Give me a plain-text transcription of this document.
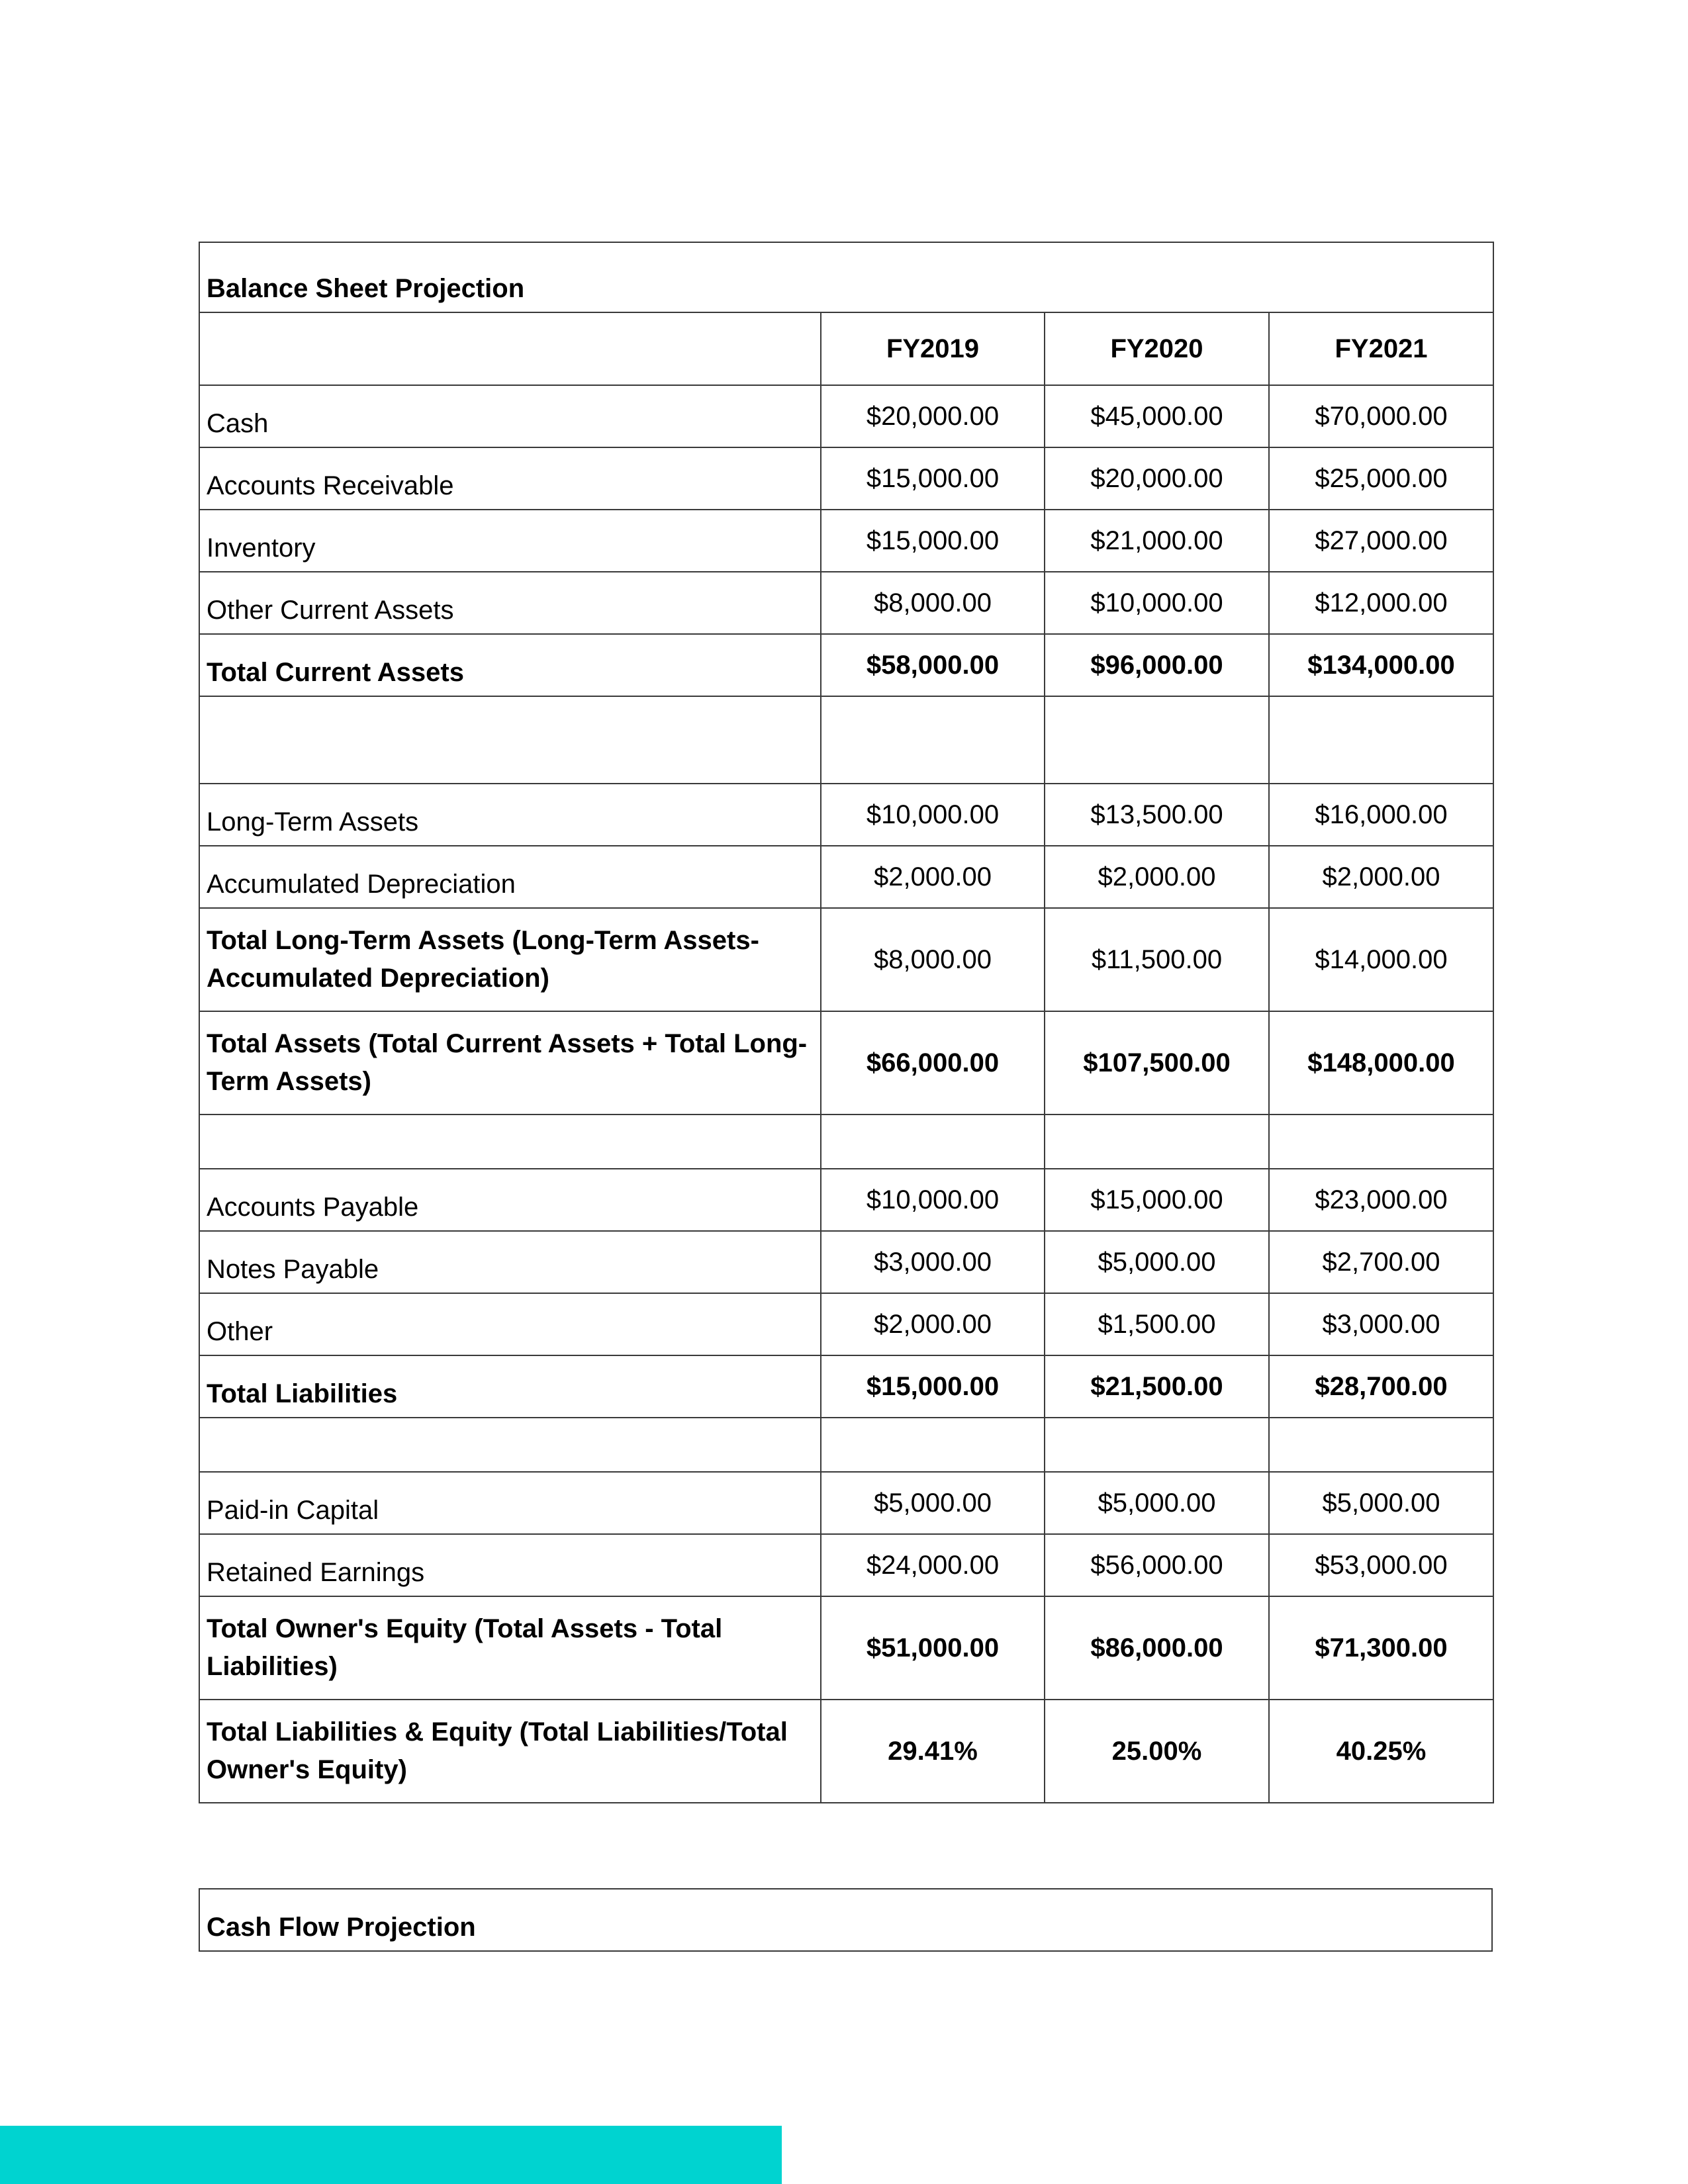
Balance Sheet Projection			
	FY2019	FY2020	FY2021
Cash	$20,000.00	$45,000.00	$70,000.00
Accounts Receivable	$15,000.00	$20,000.00	$25,000.00
Inventory	$15,000.00	$21,000.00	$27,000.00
Other Current Assets	$8,000.00	$10,000.00	$12,000.00
Total Current Assets	$58,000.00	$96,000.00	$134,000.00

Long-Term Assets	$10,000.00	$13,500.00	$16,000.00
Accumulated Depreciation	$2,000.00	$2,000.00	$2,000.00
Total Long-Term Assets (Long-Term Assets-Accumulated Depreciation)	$8,000.00	$11,500.00	$14,000.00
Total Assets (Total Current Assets + Total Long-Term Assets)	$66,000.00	$107,500.00	$148,000.00

Accounts Payable	$10,000.00	$15,000.00	$23,000.00
Notes Payable	$3,000.00	$5,000.00	$2,700.00
Other	$2,000.00	$1,500.00	$3,000.00
Total Liabilities	$15,000.00	$21,500.00	$28,700.00

Paid-in Capital	$5,000.00	$5,000.00	$5,000.00
Retained Earnings	$24,000.00	$56,000.00	$53,000.00
Total Owner's Equity (Total Assets - Total Liabilities)	$51,000.00	$86,000.00	$71,300.00
Total Liabilities & Equity (Total Liabilities/Total Owner's Equity)	29.41%	25.00%	40.25%
Cash Flow Projection
